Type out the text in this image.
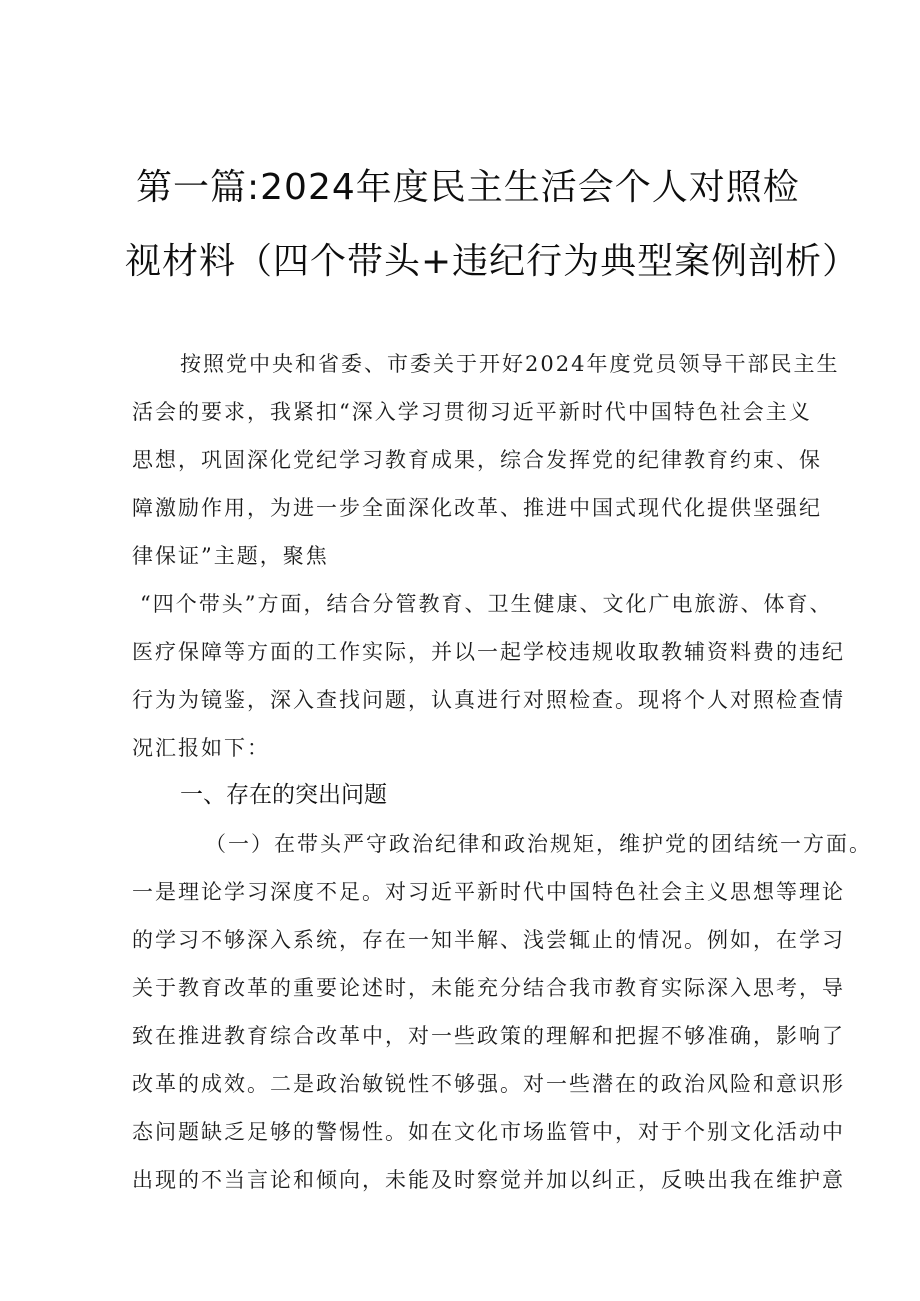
第一篇:2024年度民主生活会个人对照检
视材料（四个带头+违纪行为典型案例剖析）
按照党中央和省委、市委关于开好2024年度党员领导干部民主生
活会的要求，我紧扣“深入学习贯彻习近平新时代中国特色社会主义
思想，巩固深化党纪学习教育成果，综合发挥党的纪律教育约束、保
障激励作用，为进一步全面深化改革、推进中国式现代化提供坚强纪
律保证”主题，聚焦
“四个带头”方面，结合分管教育、卫生健康、文化广电旅游、体育、
医疗保障等方面的工作实际，并以一起学校违规收取教辅资料费的违纪
行为为镜鉴，深入查找问题，认真进行对照检查。现将个人对照检查情
况汇报如下：
一、存在的突出问题
（一）在带头严守政治纪律和政治规矩，维护党的团结统一方面。
一是理论学习深度不足。对习近平新时代中国特色社会主义思想等理论
的学习不够深入系统，存在一知半解、浅尝辄止的情况。例如，在学习
关于教育改革的重要论述时，未能充分结合我市教育实际深入思考，导
致在推进教育综合改革中，对一些政策的理解和把握不够准确，影响了
改革的成效。二是政治敏锐性不够强。对一些潜在的政治风险和意识形
态问题缺乏足够的警惕性。如在文化市场监管中，对于个别文化活动中
出现的不当言论和倾向，未能及时察觉并加以纠正，反映出我在维护意
